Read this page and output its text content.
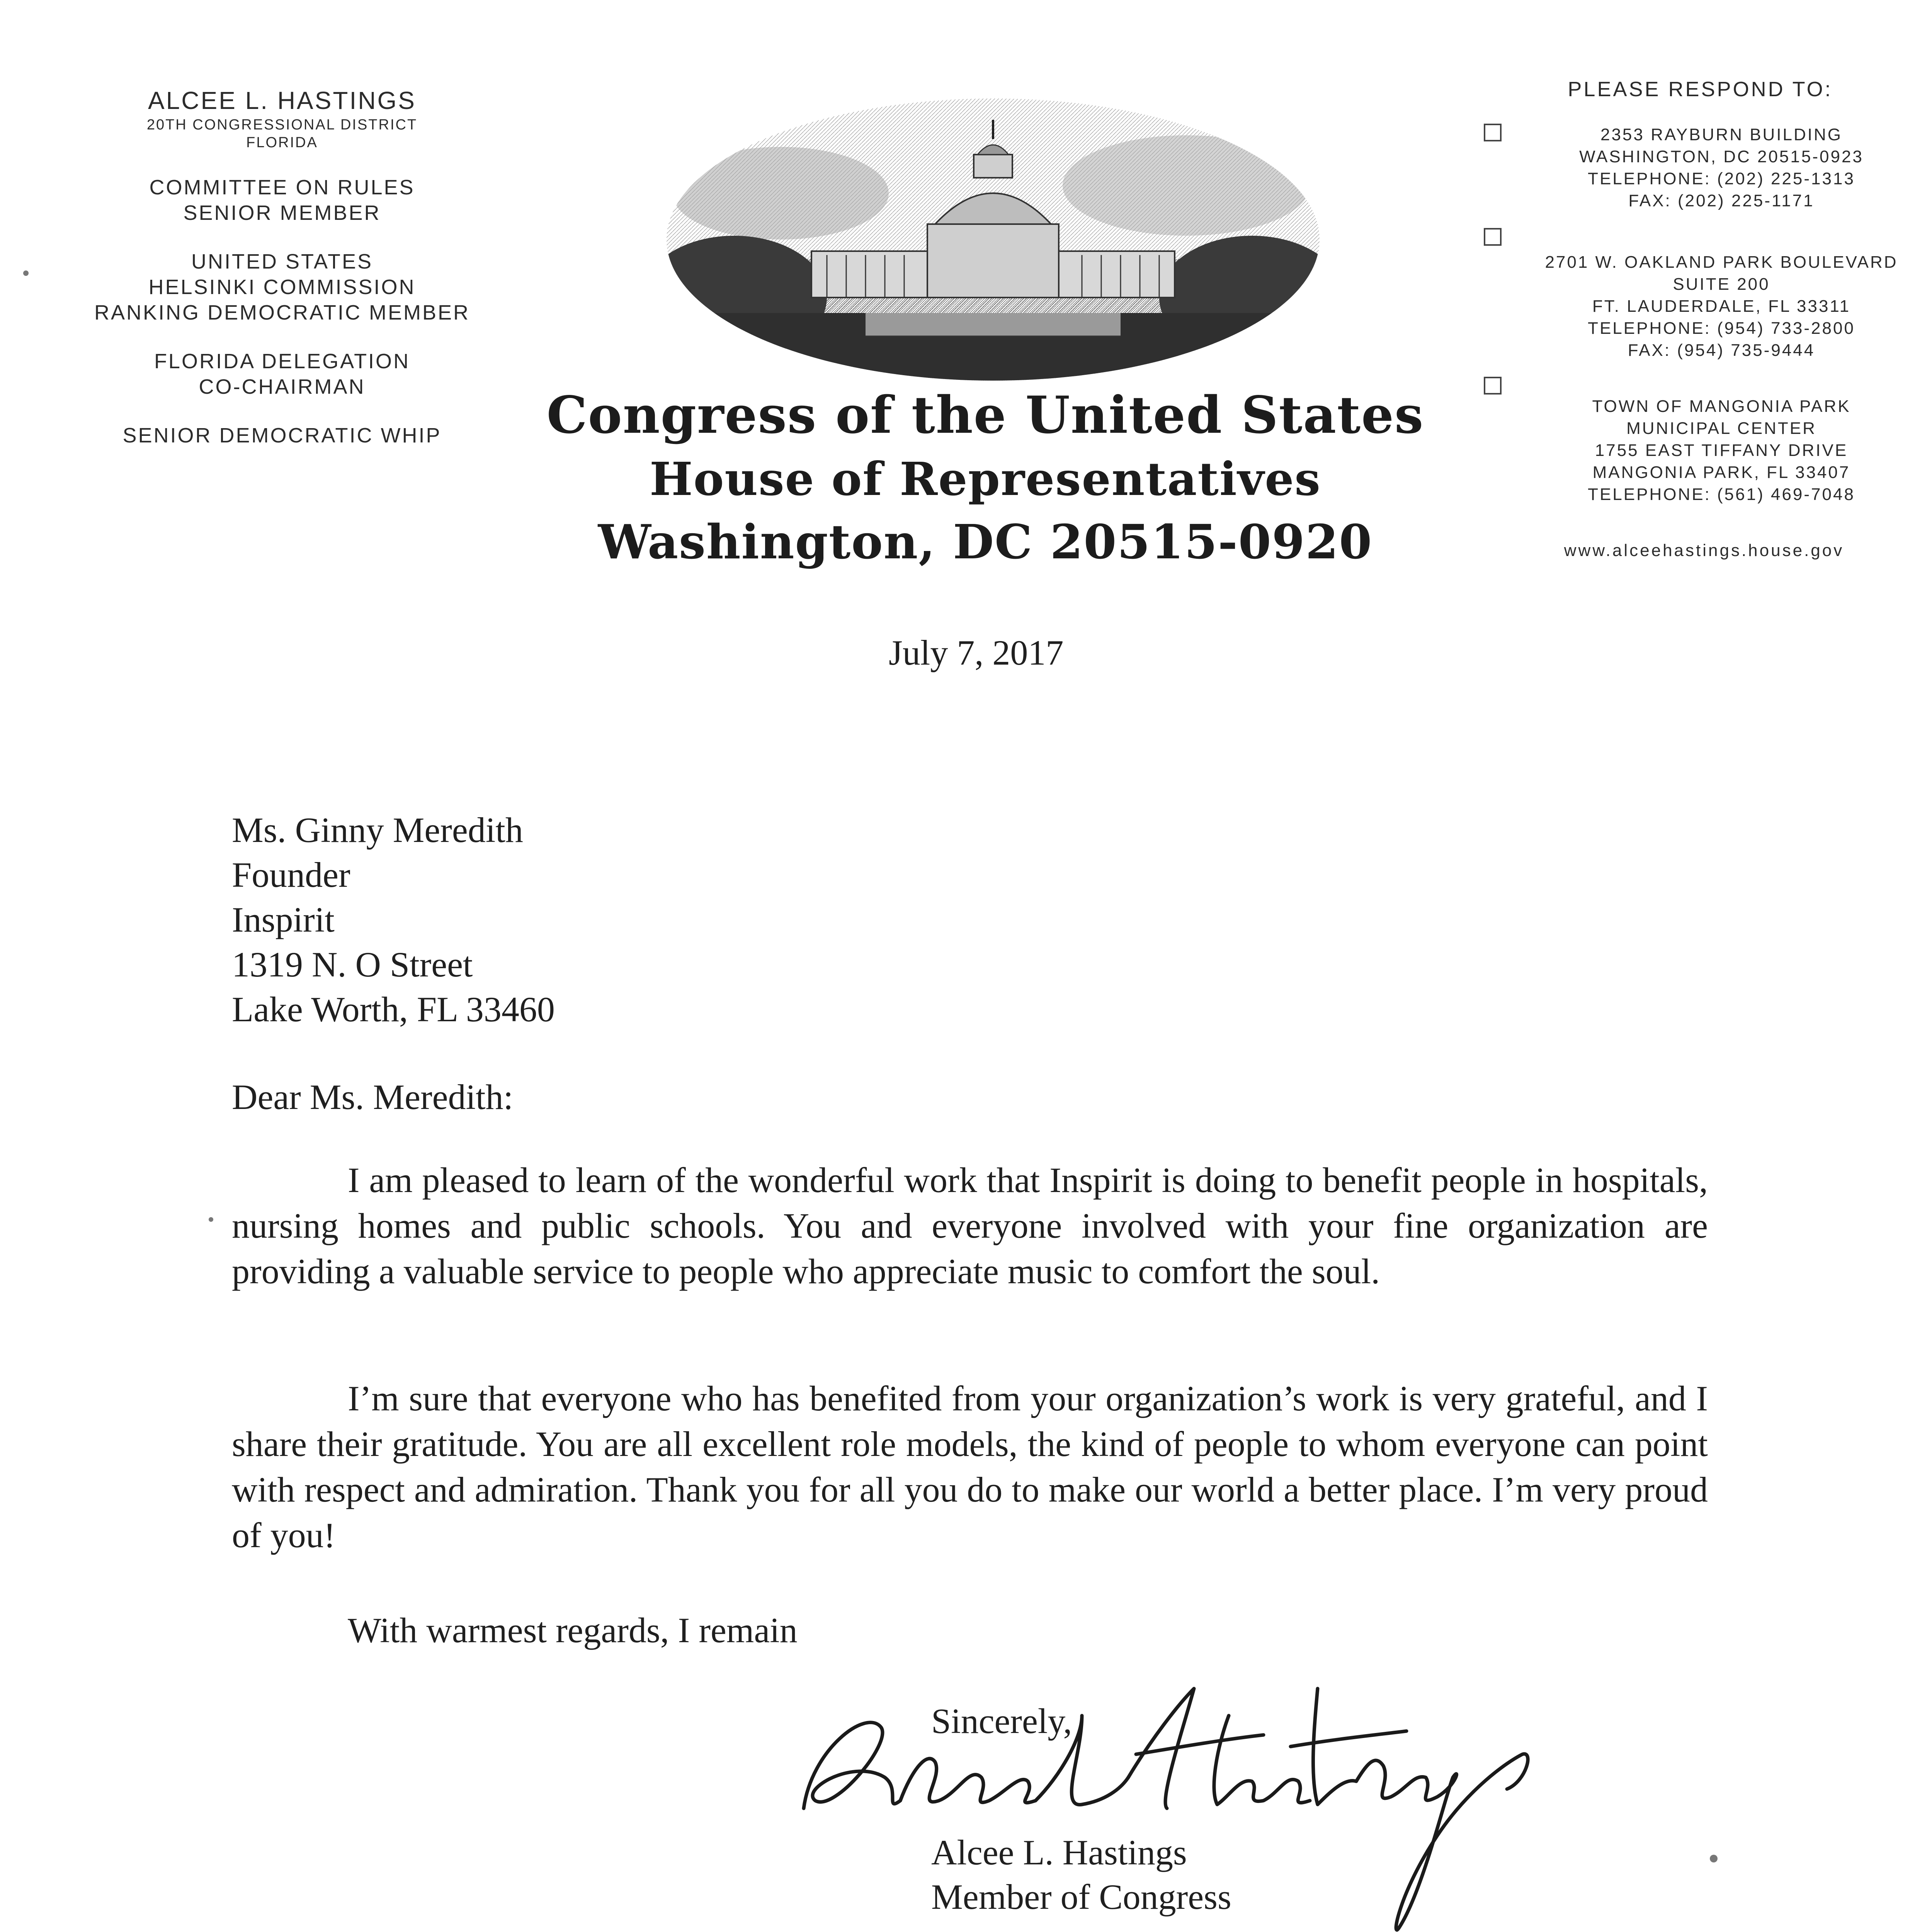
ALCEE L. HASTINGS
20TH CONGRESSIONAL DISTRICT
FLORIDA
COMMITTEE ON RULES
SENIOR MEMBER
UNITED STATES
HELSINKI COMMISSION
RANKING DEMOCRATIC MEMBER
FLORIDA DELEGATION
CO-CHAIRMAN
SENIOR DEMOCRATIC WHIP	Congress of the United States
House of Representatives
Washington, DC 20515-0920
PLEASE RESPOND TO:
2353 RAYBURN BUILDING
WASHINGTON, DC 20515-0923
TELEPHONE: (202) 225-1313
FAX: (202) 225-1171
2701 W. OAKLAND PARK BOULEVARD
SUITE 200
FT. LAUDERDALE, FL 33311
TELEPHONE: (954) 733-2800
FAX: (954) 735-9444
TOWN OF MANGONIA PARK
MUNICIPAL CENTER
1755 EAST TIFFANY DRIVE
MANGONIA PARK, FL 33407
TELEPHONE: (561) 469-7048
www.alceehastings.house.gov
July 7, 2017
Ms. Ginny Meredith
Founder
Inspirit
1319 N. O Street
Lake Worth, FL 33460
Dear Ms. Meredith:
I am pleased to learn of the wonderful work that Inspirit is doing to benefit people in hospitals, nursing homes and public schools. You and everyone involved with your fine organization are providing a valuable service to people who appreciate music to comfort the soul.
I’m sure that everyone who has benefited from your organization’s work is very grateful, and I share their gratitude. You are all excellent role models, the kind of people to whom everyone can point with respect and admiration. Thank you for all you do to make our world a better place. I’m very proud of you!
With warmest regards, I remain
Sincerely,
Alcee L. Hastings
Member of Congress
